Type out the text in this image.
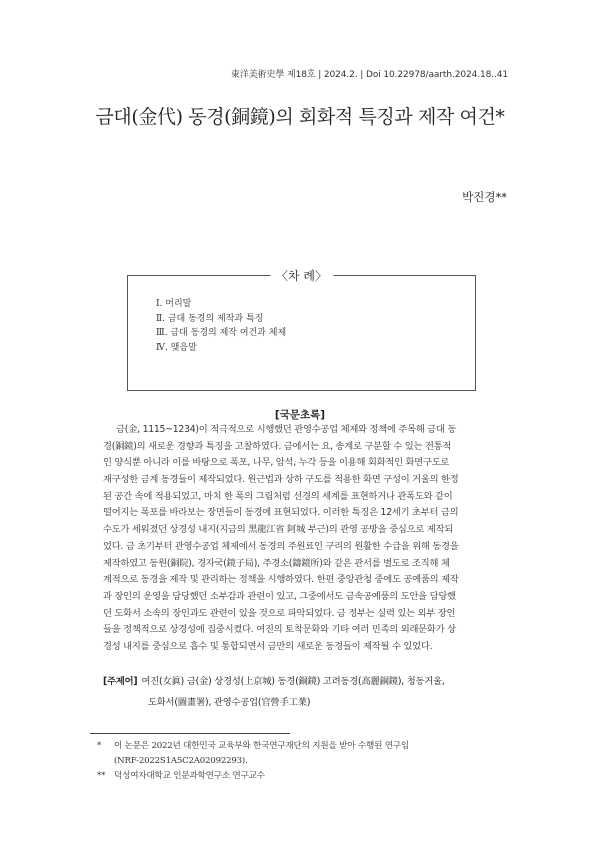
東洋美術史學 제18호 | 2024.2. | Doi 10.22978/aarth.2024.18..41
금대(金代) 동경(銅鏡)의 회화적 특징과 제작 여건*
박진경**
〈차 례〉
Ⅰ. 머리말
Ⅱ. 금대 동경의 제작과 특징
Ⅲ. 금대 동경의 제작 여건과 체제
Ⅳ. 맺음말
[국문초록]
금(金, 1115~1234)이 적극적으로 시행했던 관영수공업 체제와 정책에 주목해 금대 동
경(銅鏡)의 새로운 경향과 특징을 고찰하였다. 금에서는 요, 송계로 구분할 수 있는 전통적
인 양식뿐 아니라 이를 바탕으로 폭포, 나무, 암석, 누각 등을 이용해 회화적인 화면구도로
재구성한 금계 동경들이 제작되었다. 원근법과 상하 구도를 적용한 화면 구성이 거울의 한정
된 공간 속에 적용되었고, 마치 한 폭의 그림처럼 선경의 세계를 표현하거나 관폭도와 같이
떨어지는 폭포를 바라보는 장면들이 동경에 표현되었다. 이러한 특징은 12세기 초부터 금의
수도가 세워졌던 상경성 내지(지금의 黑龍江省 阿城 부근)의 관영 공방을 중심으로 제작되
었다. 금 초기부터 관영수공업 체제에서 동경의 주원료인 구리의 원활한 수급을 위해 동경을
제작하였고 동원(銅院), 경자국(鏡子局), 주경소(鑄鏡所)와 같은 관서를 별도로 조직해 체
계적으로 동경을 제작 및 관리하는 정책을 시행하였다. 한편 중앙관청 중에도 공예품의 제작
과 장인의 운영을 담당했던 소부감과 관련이 있고, 그중에서도 금속공예품의 도안을 담당했
던 도화서 소속의 장인과도 관련이 있을 것으로 파악되었다. 금 정부는 실력 있는 외부 장인
들을 정책적으로 상경성에 집중시켰다. 여진의 토착문화와 기타 여러 민족의 외래문화가 상
경성 내지를 중심으로 흡수 및 통합되면서 금만의 새로운 동경들이 제작될 수 있었다.
[주제어] 여진(女眞) 금(金) 상경성(上京城) 동경(銅鏡) 고려동경(高麗銅鏡), 청동거울,
도화서(圖畫署), 관영수공업(官營手工業)
* 이 논문은 2022년 대한민국 교육부와 한국연구재단의 지원을 받아 수행된 연구임
(NRF-2022S1A5C2A02092293).
** 덕성여자대학교 인문과학연구소 연구교수
